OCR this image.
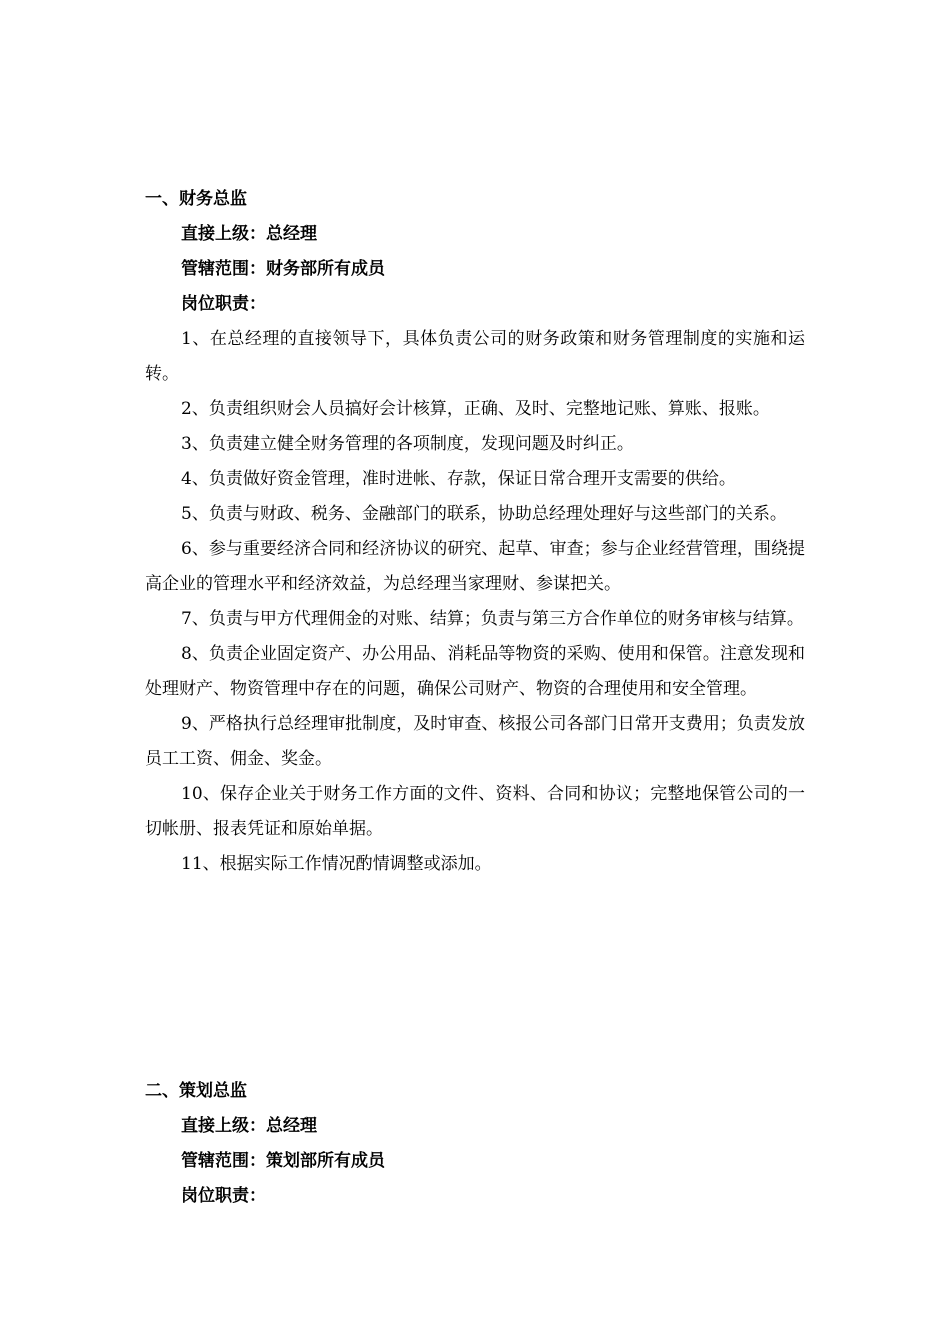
一、财务总监
直接上级：总经理
管辖范围：财务部所有成员
岗位职责：

1、在总经理的直接领导下，具体负责公司的财务政策和财务管理制度的实施和运转。

2、负责组织财会人员搞好会计核算，正确、及时、完整地记账、算账、报账。

3、负责建立健全财务管理的各项制度，发现问题及时纠正。

4、负责做好资金管理，准时进帐、存款，保证日常合理开支需要的供给。

5、负责与财政、税务、金融部门的联系，协助总经理处理好与这些部门的关系。

6、参与重要经济合同和经济协议的研究、起草、审查；参与企业经营管理，围绕提高企业的管理水平和经济效益，为总经理当家理财、参谋把关。

7、负责与甲方代理佣金的对账、结算；负责与第三方合作单位的财务审核与结算。

8、负责企业固定资产、办公用品、消耗品等物资的采购、使用和保管。注意发现和处理财产、物资管理中存在的问题，确保公司财产、物资的合理使用和安全管理。

9、严格执行总经理审批制度，及时审查、核报公司各部门日常开支费用；负责发放员工工资、佣金、奖金。

10、保存企业关于财务工作方面的文件、资料、合同和协议；完整地保管公司的一切帐册、报表凭证和原始单据。

11、根据实际工作情况酌情调整或添加。

二、策划总监
直接上级：总经理
管辖范围：策划部所有成员
岗位职责：
